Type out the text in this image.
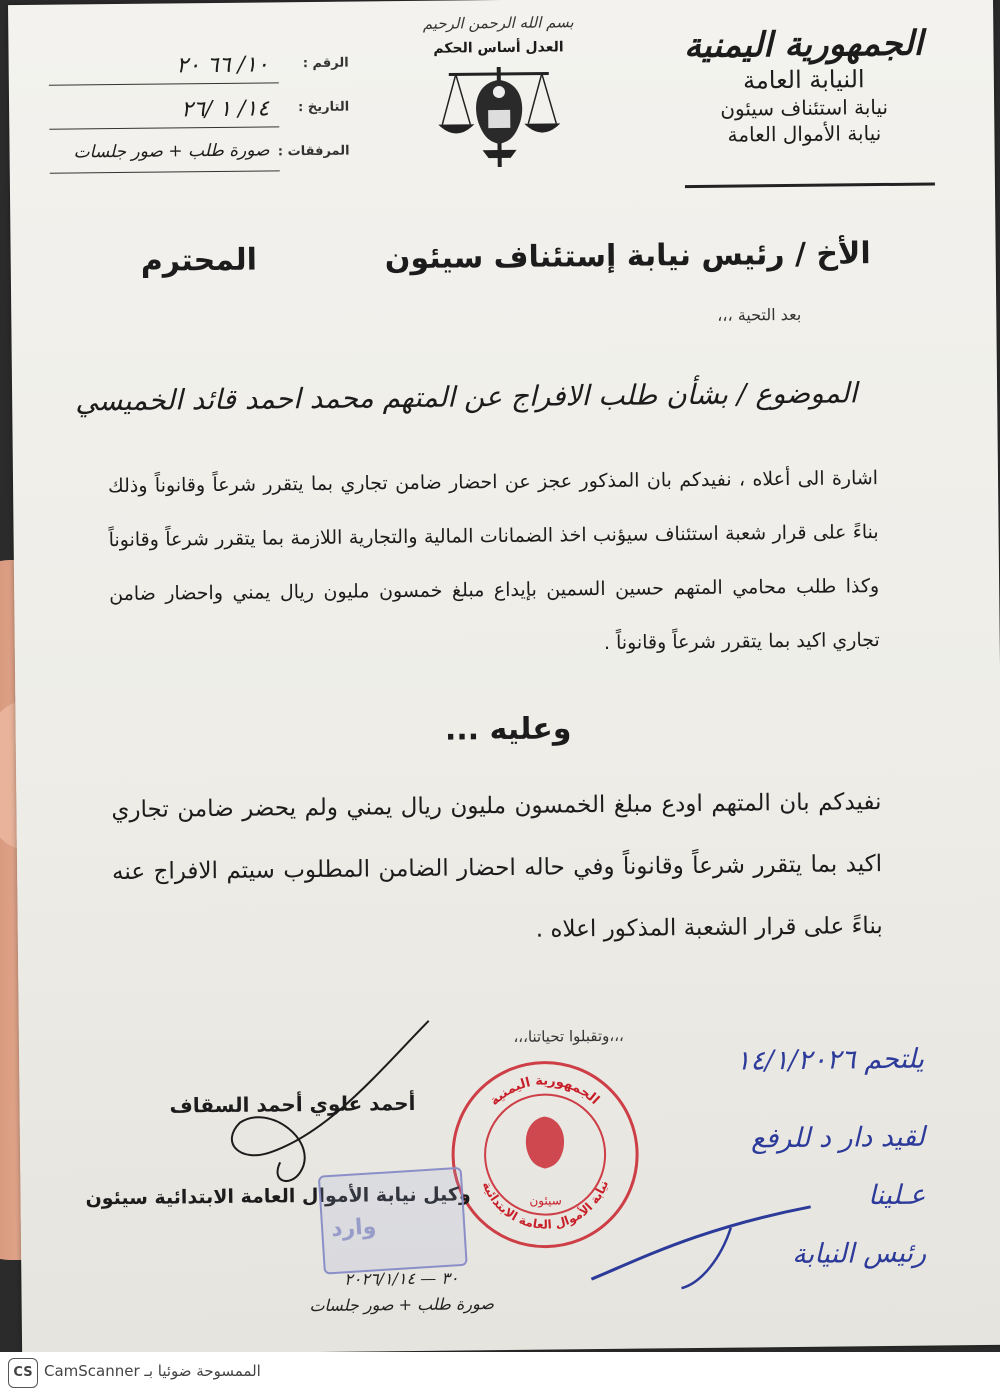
الجمهورية اليمنية
النيابة العامة
نيابة استئناف سيئون
نيابة الأموال العامة
بسم الله الرحمن الرحيم
العدل أساس الحكم
الرقم :
١٠/ ٦٦ ٢٠
التاريخ :
١٤/ ١ /٢٦
المرفقات :
صورة طلب + صور جلسات
الأخ / رئيس نيابة إستئناف سيئون
المحترم
بعد التحية ،،،
الموضوع / بشأن طلب الافراج عن المتهم محمد احمد قائد الخميسي
اشارة الى أعلاه ، نفيدكم بان المذكور عجز عن احضار ضامن تجاري بما يتقرر شرعاً وقانوناً وذلك بناءً على قرار شعبة استئناف سيؤنب اخذ الضمانات المالية والتجارية اللازمة بما يتقرر شرعاً وقانوناً وكذا طلب محامي المتهم حسين السمين بإيداع مبلغ خمسون مليون ريال يمني واحضار ضامن تجاري اكيد بما يتقرر شرعاً وقانوناً .
وعليه ...
نفيدكم بان المتهم اودع مبلغ الخمسون مليون ريال يمني ولم يحضر ضامن تجاري اكيد بما يتقرر شرعاً وقانوناً وفي حاله احضار الضامن المطلوب سيتم الافراج عنه بناءً على قرار الشعبة المذكور اعلاه .
،،،وتقبلوا تحياتنا،،،
يلتحم ١٤/١/٢٠٢٦
لقيد دار د للرفع
عـلينا
رئيس النيابة
الجمهورية اليمنية
نيابة الأموال العامة الابتدائية
سيئون
أحمد علوي أحمد السقاف
وكيل نيابة الأموال العامة الابتدائية سيئون
وارد
٣٠ — ٢٠٢٦/١/١٤
صورة طلب + صور جلسات
CS CamScanner الممسوحة ضوئيا بـ
